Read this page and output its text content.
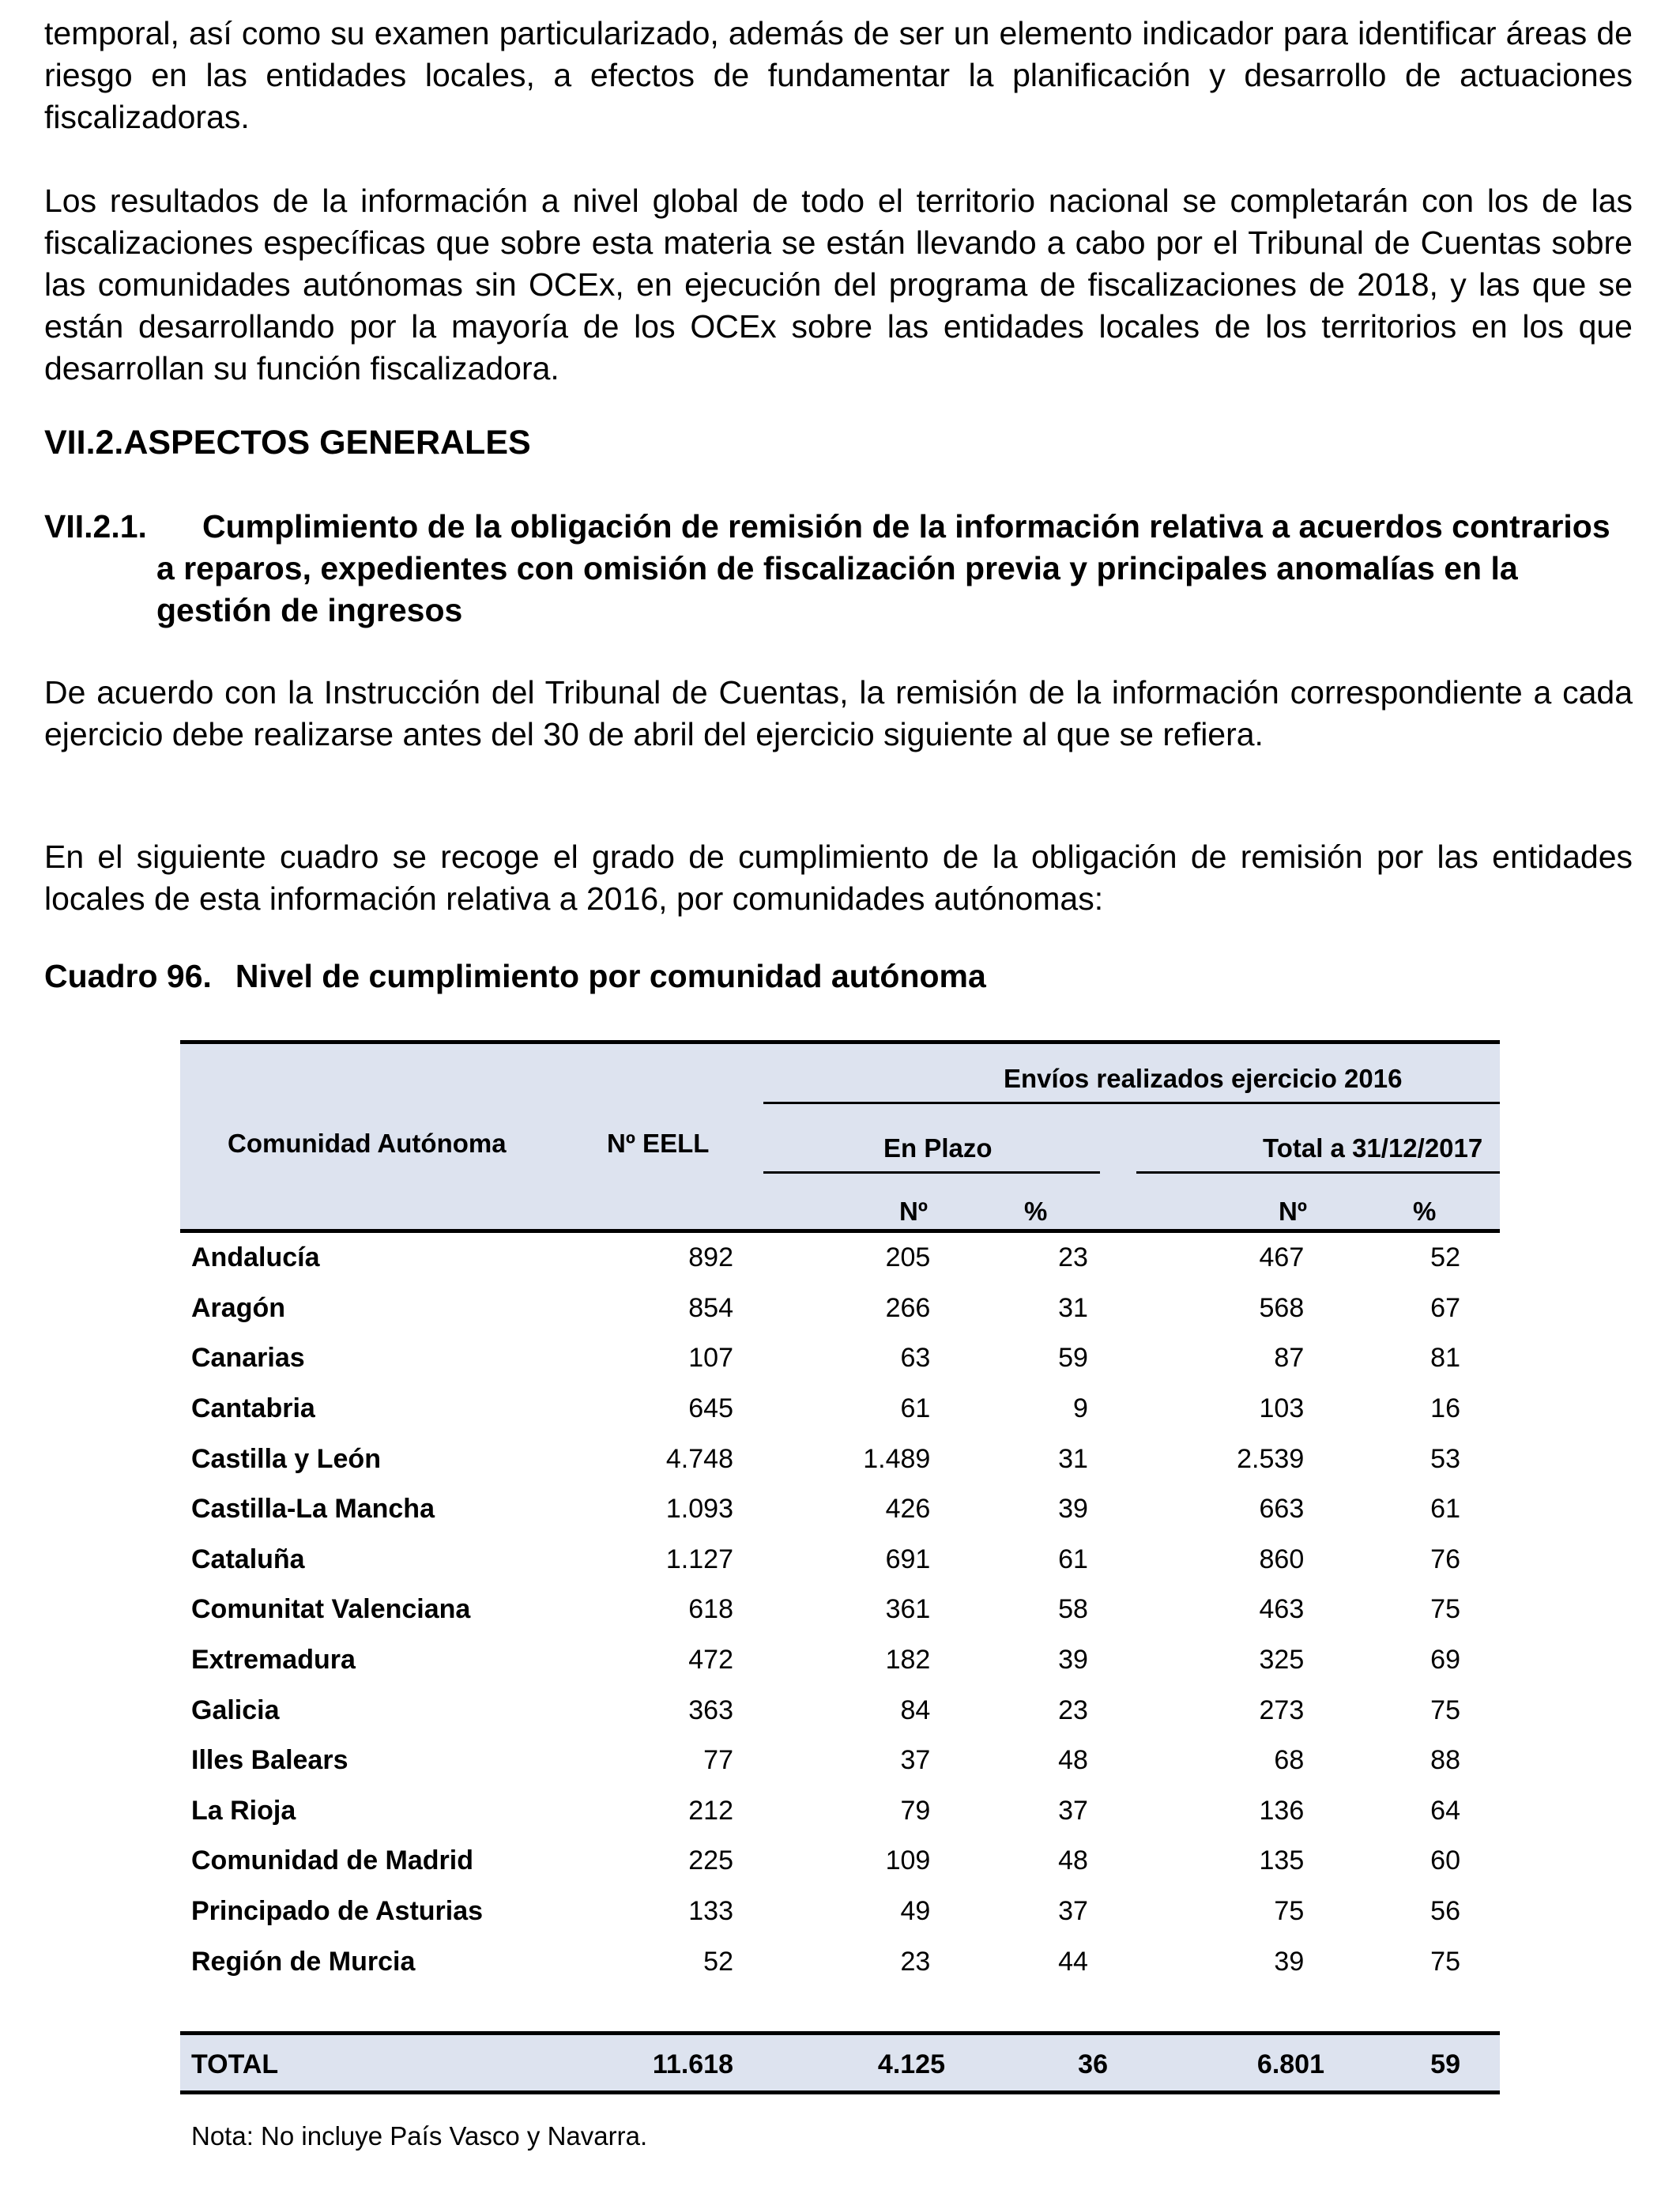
temporal, así como su examen particularizado, además de ser un elemento indicador para identificar áreas de riesgo en las entidades locales, a efectos de fundamentar la planificación y desarrollo de actuaciones fiscalizadoras.

Los resultados de la información a nivel global de todo el territorio nacional se completarán con los de las fiscalizaciones específicas que sobre esta materia se están llevando a cabo por el Tribunal de Cuentas sobre las comunidades autónomas sin OCEx, en ejecución del programa de fiscalizaciones de 2018, y las que se están desarrollando por la mayoría de los OCEx sobre las entidades locales de los territorios en los que desarrollan su función fiscalizadora.

VII.2.ASPECTOS GENERALES
VII.2.1.	Cumplimiento de la obligación de remisión de la información relativa a acuerdos contrarios a reparos, expedientes con omisión de fiscalización previa y principales anomalías en la gestión de ingresos

De acuerdo con la Instrucción del Tribunal de Cuentas, la remisión de la información correspondiente a cada ejercicio debe realizarse antes del 30 de abril del ejercicio siguiente al que se refiera.

En el siguiente cuadro se recoge el grado de cumplimiento de la obligación de remisión por las entidades locales de esta información relativa a 2016, por comunidades autónomas:

Cuadro 96. Nivel de cumplimiento por comunidad autónoma

Comunidad Autónoma	Nº EELL
Envíos realizados ejercicio 2016
En Plazo	Total a 31/12/2017
Nº	%	Nº	%
Andalucía	892	205	23	467	52
Aragón	854	266	31	568	67
Canarias	107	63	59	87	81
Cantabria	645	61	9	103	16
Castilla y León	4.748	1.489	31	2.539	53
Castilla-La Mancha	1.093	426	39	663	61
Cataluña	1.127	691	61	860	76
Comunitat Valenciana	618	361	58	463	75
Extremadura	472	182	39	325	69
Galicia	363	84	23	273	75
Illes Balears	77	37	48	68	88
La Rioja	212	79	37	136	64
Comunidad de Madrid	225	109	48	135	60
Principado de Asturias	133	49	37	75	56
Región de Murcia	52	23	44	39	75
TOTAL	11.618	4.125	36	6.801	59
Nota: No incluye País Vasco y Navarra.
